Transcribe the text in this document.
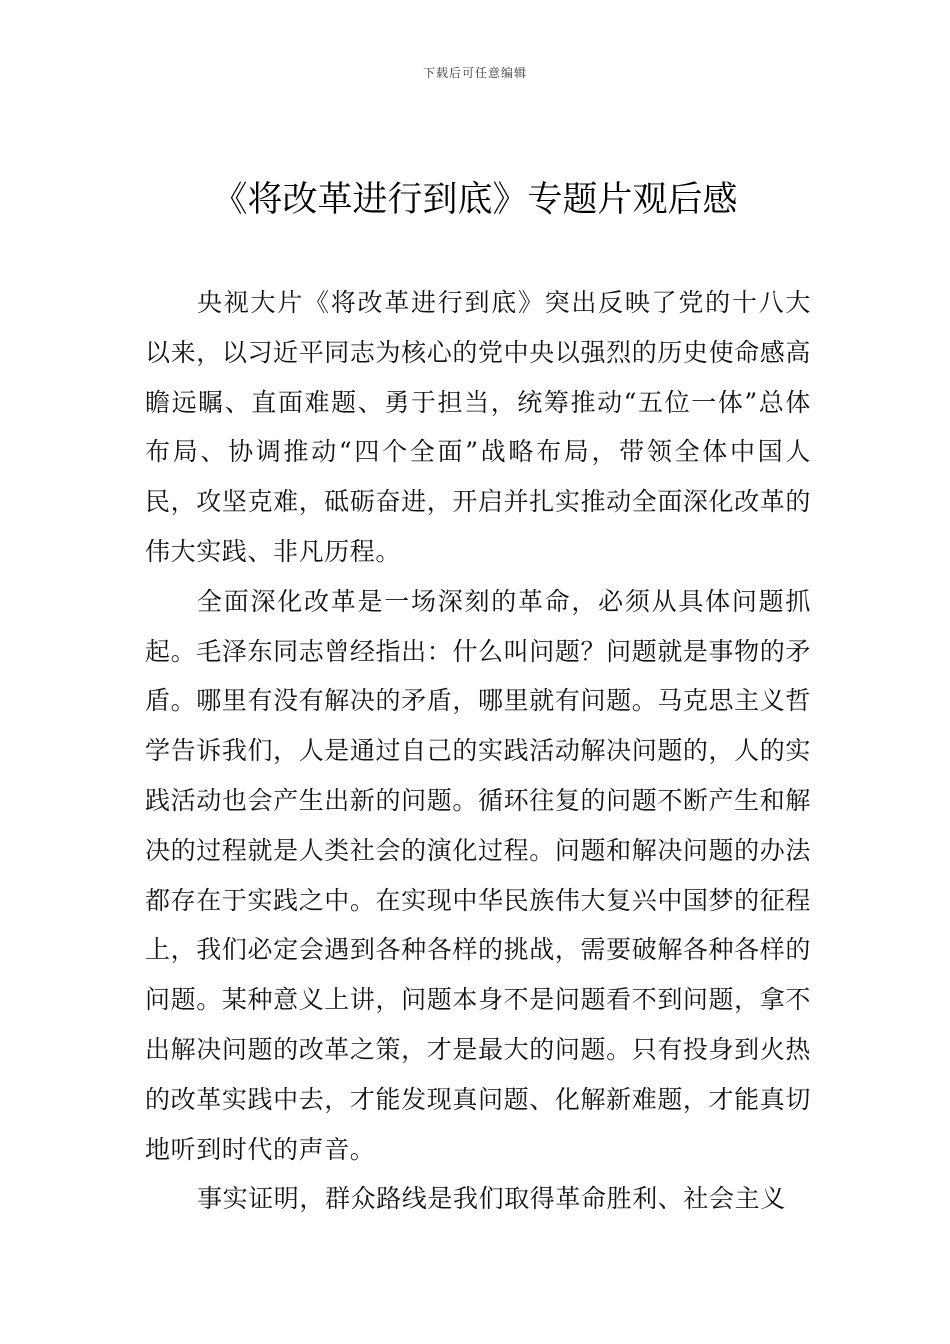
下载后可任意编辑
《将改革进行到底》专题片观后感

央视大片《将改革进行到底》突出反映了党的十八大以来，以习近平同志为核心的党中央以强烈的历史使命感高瞻远瞩、直面难题、勇于担当，统筹推动“五位一体”总体布局、协调推动“四个全面”战略布局，带领全体中国人民，攻坚克难，砥砺奋进，开启并扎实推动全面深化改革的伟大实践、非凡历程。

全面深化改革是一场深刻的革命，必须从具体问题抓起。毛泽东同志曾经指出：什么叫问题？问题就是事物的矛盾。哪里有没有解决的矛盾，哪里就有问题。马克思主义哲学告诉我们，人是通过自己的实践活动解决问题的，人的实践活动也会产生出新的问题。循环往复的问题不断产生和解决的过程就是人类社会的演化过程。问题和解决问题的办法都存在于实践之中。在实现中华民族伟大复兴中国梦的征程上，我们必定会遇到各种各样的挑战，需要破解各种各样的问题。某种意义上讲，问题本身不是问题看不到问题，拿不出解决问题的改革之策，才是最大的问题。只有投身到火热的改革实践中去，才能发现真问题、化解新难题，才能真切地听到时代的声音。

事实证明，群众路线是我们取得革命胜利、社会主义
